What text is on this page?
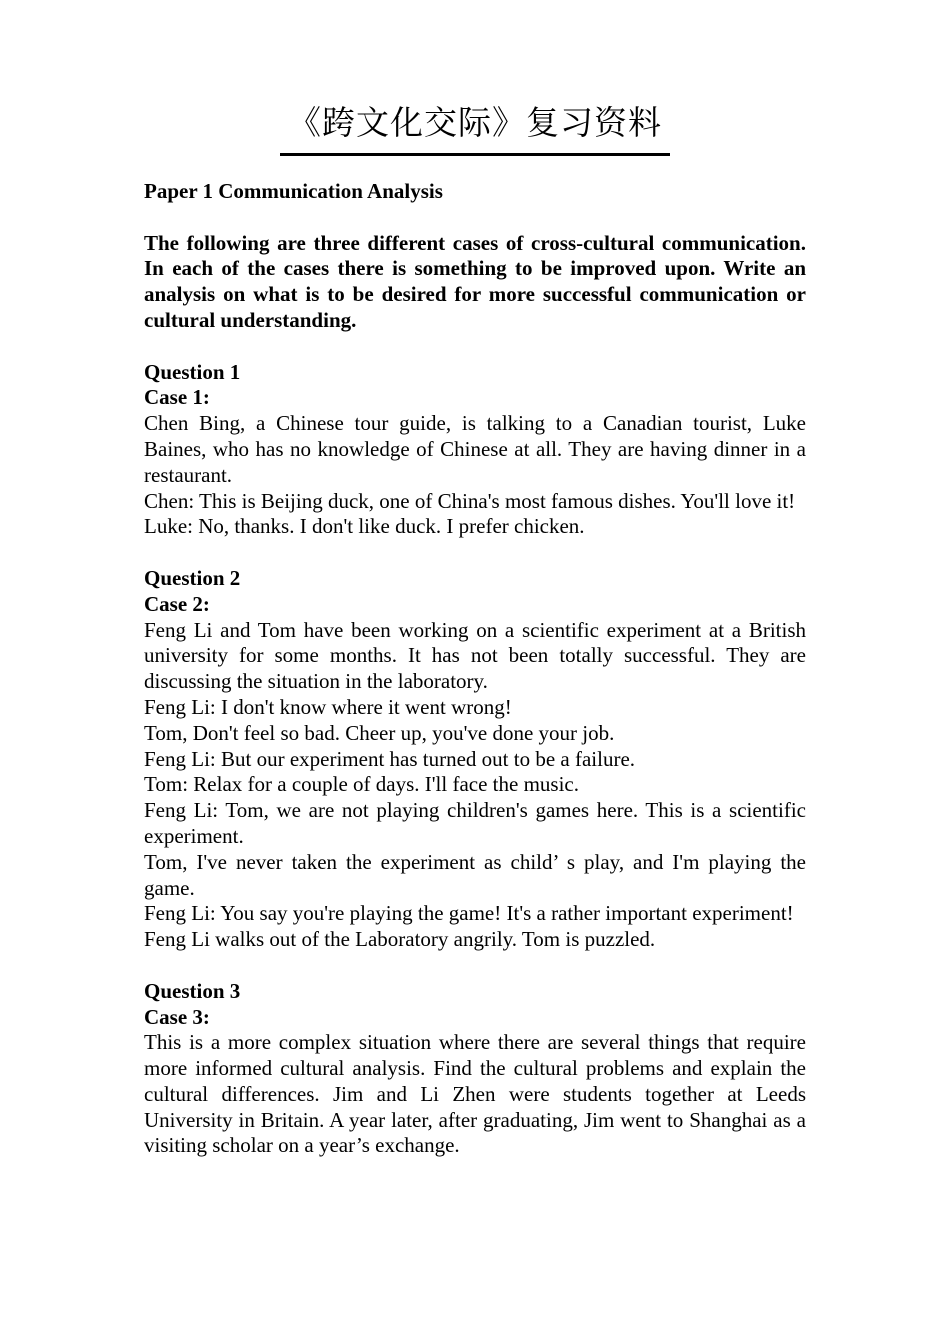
《跨文化交际》复习资料

Paper 1 Communication Analysis

The following are three different cases of cross-cultural communication. In each of the cases there is something to be improved upon. Write an analysis on what is to be desired for more successful communication or cultural understanding.

Question 1

Case 1:

Chen Bing, a Chinese tour guide, is talking to a Canadian tourist, Luke Baines, who has no knowledge of Chinese at all. They are having dinner in a restaurant.

Chen: This is Beijing duck, one of China's most famous dishes. You'll love it!

Luke: No, thanks. I don't like duck. I prefer chicken.

Question 2

Case 2:

Feng Li and Tom have been working on a scientific experiment at a British university for some months. It has not been totally successful. They are discussing the situation in the laboratory.

Feng Li: I don't know where it went wrong!

Tom, Don't feel so bad. Cheer up, you've done your job.

Feng Li: But our experiment has turned out to be a failure.

Tom: Relax for a couple of days. I'll face the music.

Feng Li: Tom, we are not playing children's games here. This is a scientific experiment.

Tom, I've never taken the experiment as child’ s play, and I'm playing the game.

Feng Li: You say you're playing the game! It's a rather important experiment!

Feng Li walks out of the Laboratory angrily. Tom is puzzled.

Question 3

Case 3:

This is a more complex situation where there are several things that require more informed cultural analysis. Find the cultural problems and explain the cultural differences. Jim and Li Zhen were students together at Leeds University in Britain. A year later, after graduating, Jim went to Shanghai as a visiting scholar on a year’s exchange.
